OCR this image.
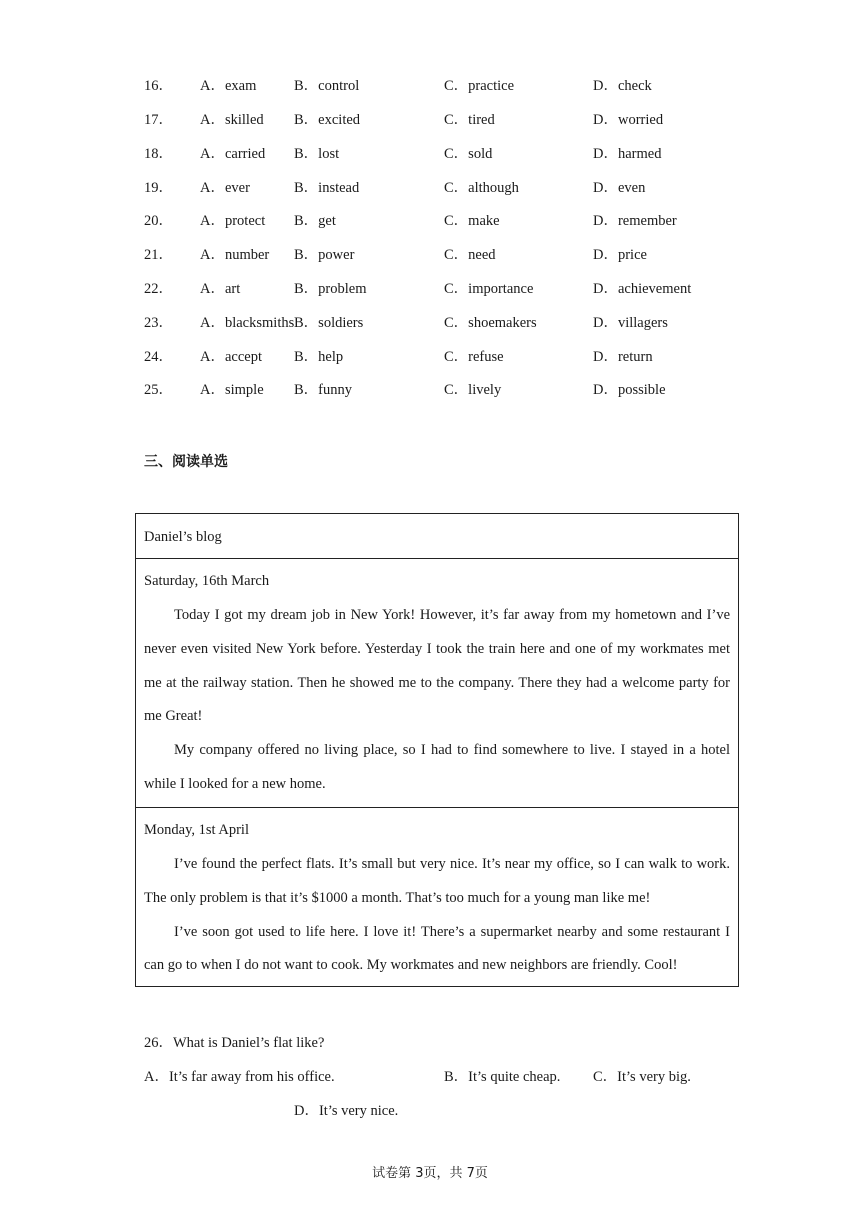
16． A．exam	B．control	C．practice	D．check
17． A．skilled B．excited	C．tired	D．worried
18． A．carried B．lost	C．sold	D．harmed
19． A．ever	B．instead	C．although	D．even
20． A．protect B．get	C．make	D．remember
21． A．number B．power	C．need	D．price
22． A．art	B．problem	C．importance	D．achievement
23． A．blacksmiths B．soldiers	C．shoemakers	D．villagers
24． A．accept B．help	C．refuse	D．return
25． A．simple B．funny	C．lively	D．possible
三、阅读单选
Daniel’s blog
Saturday, 16th March

Today I got my dream job in New York! However, it’s far away from my hometown and I’ve never even visited New York before. Yesterday I took the train here and one of my workmates met me at the railway station. Then he showed me to the company. There they had a welcome party for me Great!

My company offered no living place, so I had to find somewhere to live. I stayed in a hotel while I looked for a new home.

Monday, 1st April

I’ve found the perfect flats. It’s small but very nice. It’s near my office, so I can walk to work. The only problem is that it’s $1000 a month. That’s too much for a young man like me!

I’ve soon got used to life here. I love it! There’s a supermarket nearby and some restaurant I can go to when I do not want to cook. My workmates and new neighbors are friendly. Cool!

26．What is Daniel’s flat like?
A．It’s far away from his office.	B．It’s quite cheap. C．It’s very big.
D．It’s very nice.
试卷第 3页，共 7页
